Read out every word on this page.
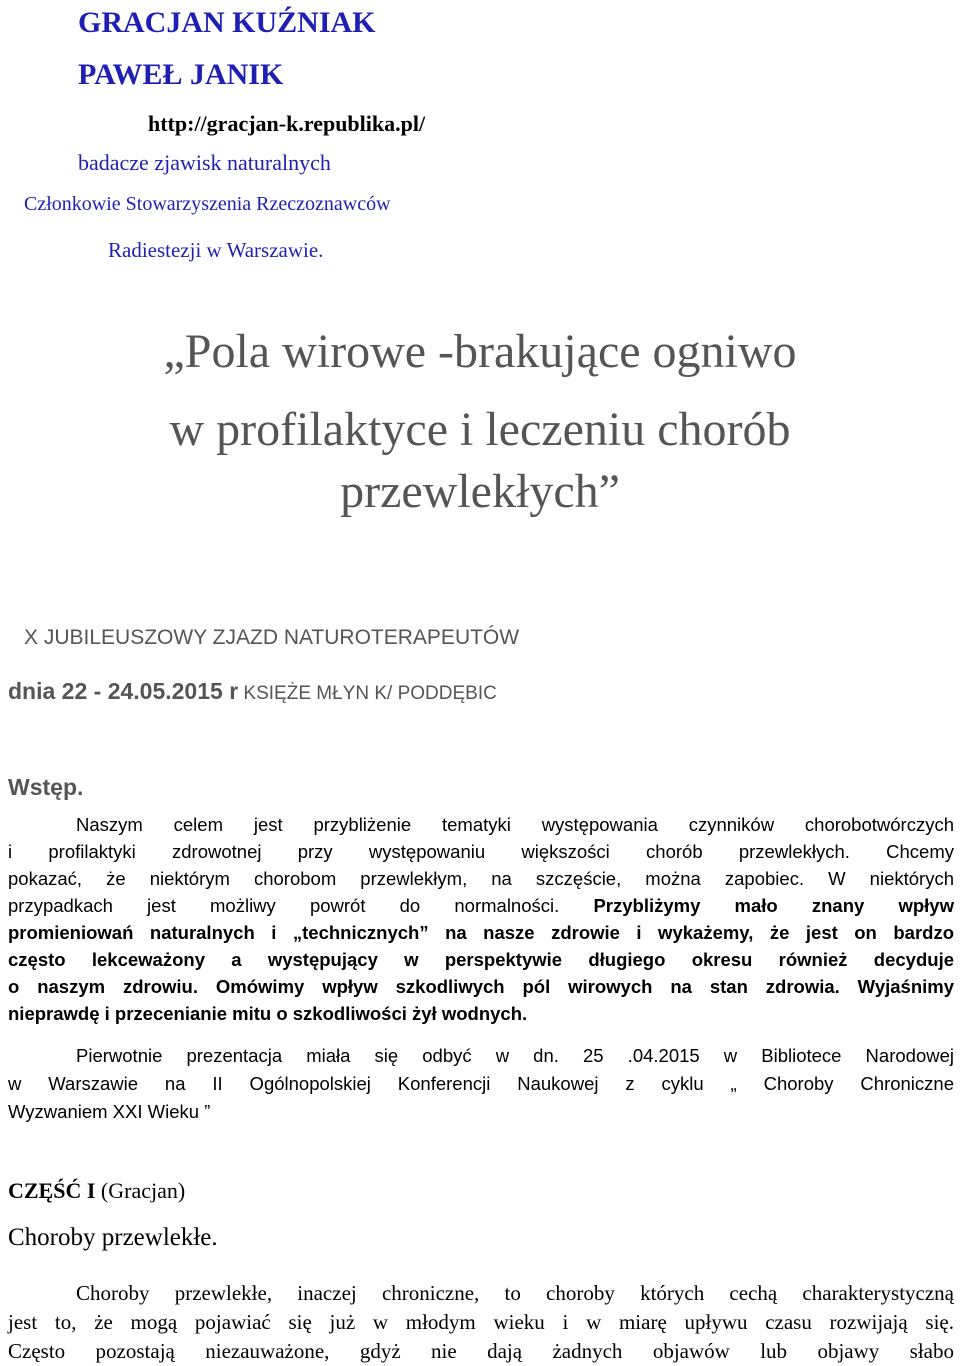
GRACJAN KUŹNIAK
PAWEŁ JANIK
http://gracjan-k.republika.pl/
badacze zjawisk naturalnych
Członkowie Stowarzyszenia Rzeczoznawców
Radiestezji w Warszawie.
„Pola wirowe -brakujące ogniwo
w profilaktyce i leczeniu chorób
przewlekłych”
X JUBILEUSZOWY ZJAZD NATUROTERAPEUTÓW
dnia 22 - 24.05.2015 r KSIĘŻE MŁYN K/ PODDĘBIC
Wstęp.
Naszym celem jest przybliżenie tematyki występowania czynników chorobotwórczych
i profilaktyki zdrowotnej przy występowaniu większości chorób przewlekłych. Chcemy
pokazać, że niektórym chorobom przewlekłym, na szczęście, można zapobiec. W niektórych
przypadkach jest możliwy powrót do normalności. Przybliżymy mało znany wpływ
promieniowań naturalnych i „technicznych” na nasze zdrowie i wykażemy, że jest on bardzo
często lekceważony a występujący w perspektywie długiego okresu również decyduje
o naszym zdrowiu. Omówimy wpływ szkodliwych pól wirowych na stan zdrowia. Wyjaśnimy
nieprawdę i przecenianie mitu o szkodliwości żył wodnych.
Pierwotnie prezentacja miała się odbyć w dn. 25 .04.2015 w Bibliotece Narodowej
w Warszawie na II Ogólnopolskiej Konferencji Naukowej z cyklu „ Choroby Chroniczne
Wyzwaniem XXI Wieku ”
CZĘŚĆ I (Gracjan)
Choroby przewlekłe.
Choroby przewlekłe, inaczej chroniczne, to choroby których cechą charakterystyczną
jest to, że mogą pojawiać się już w młodym wieku i w miarę upływu czasu rozwijają się.
Często pozostają niezauważone, gdyż nie dają żadnych objawów lub objawy słabo
